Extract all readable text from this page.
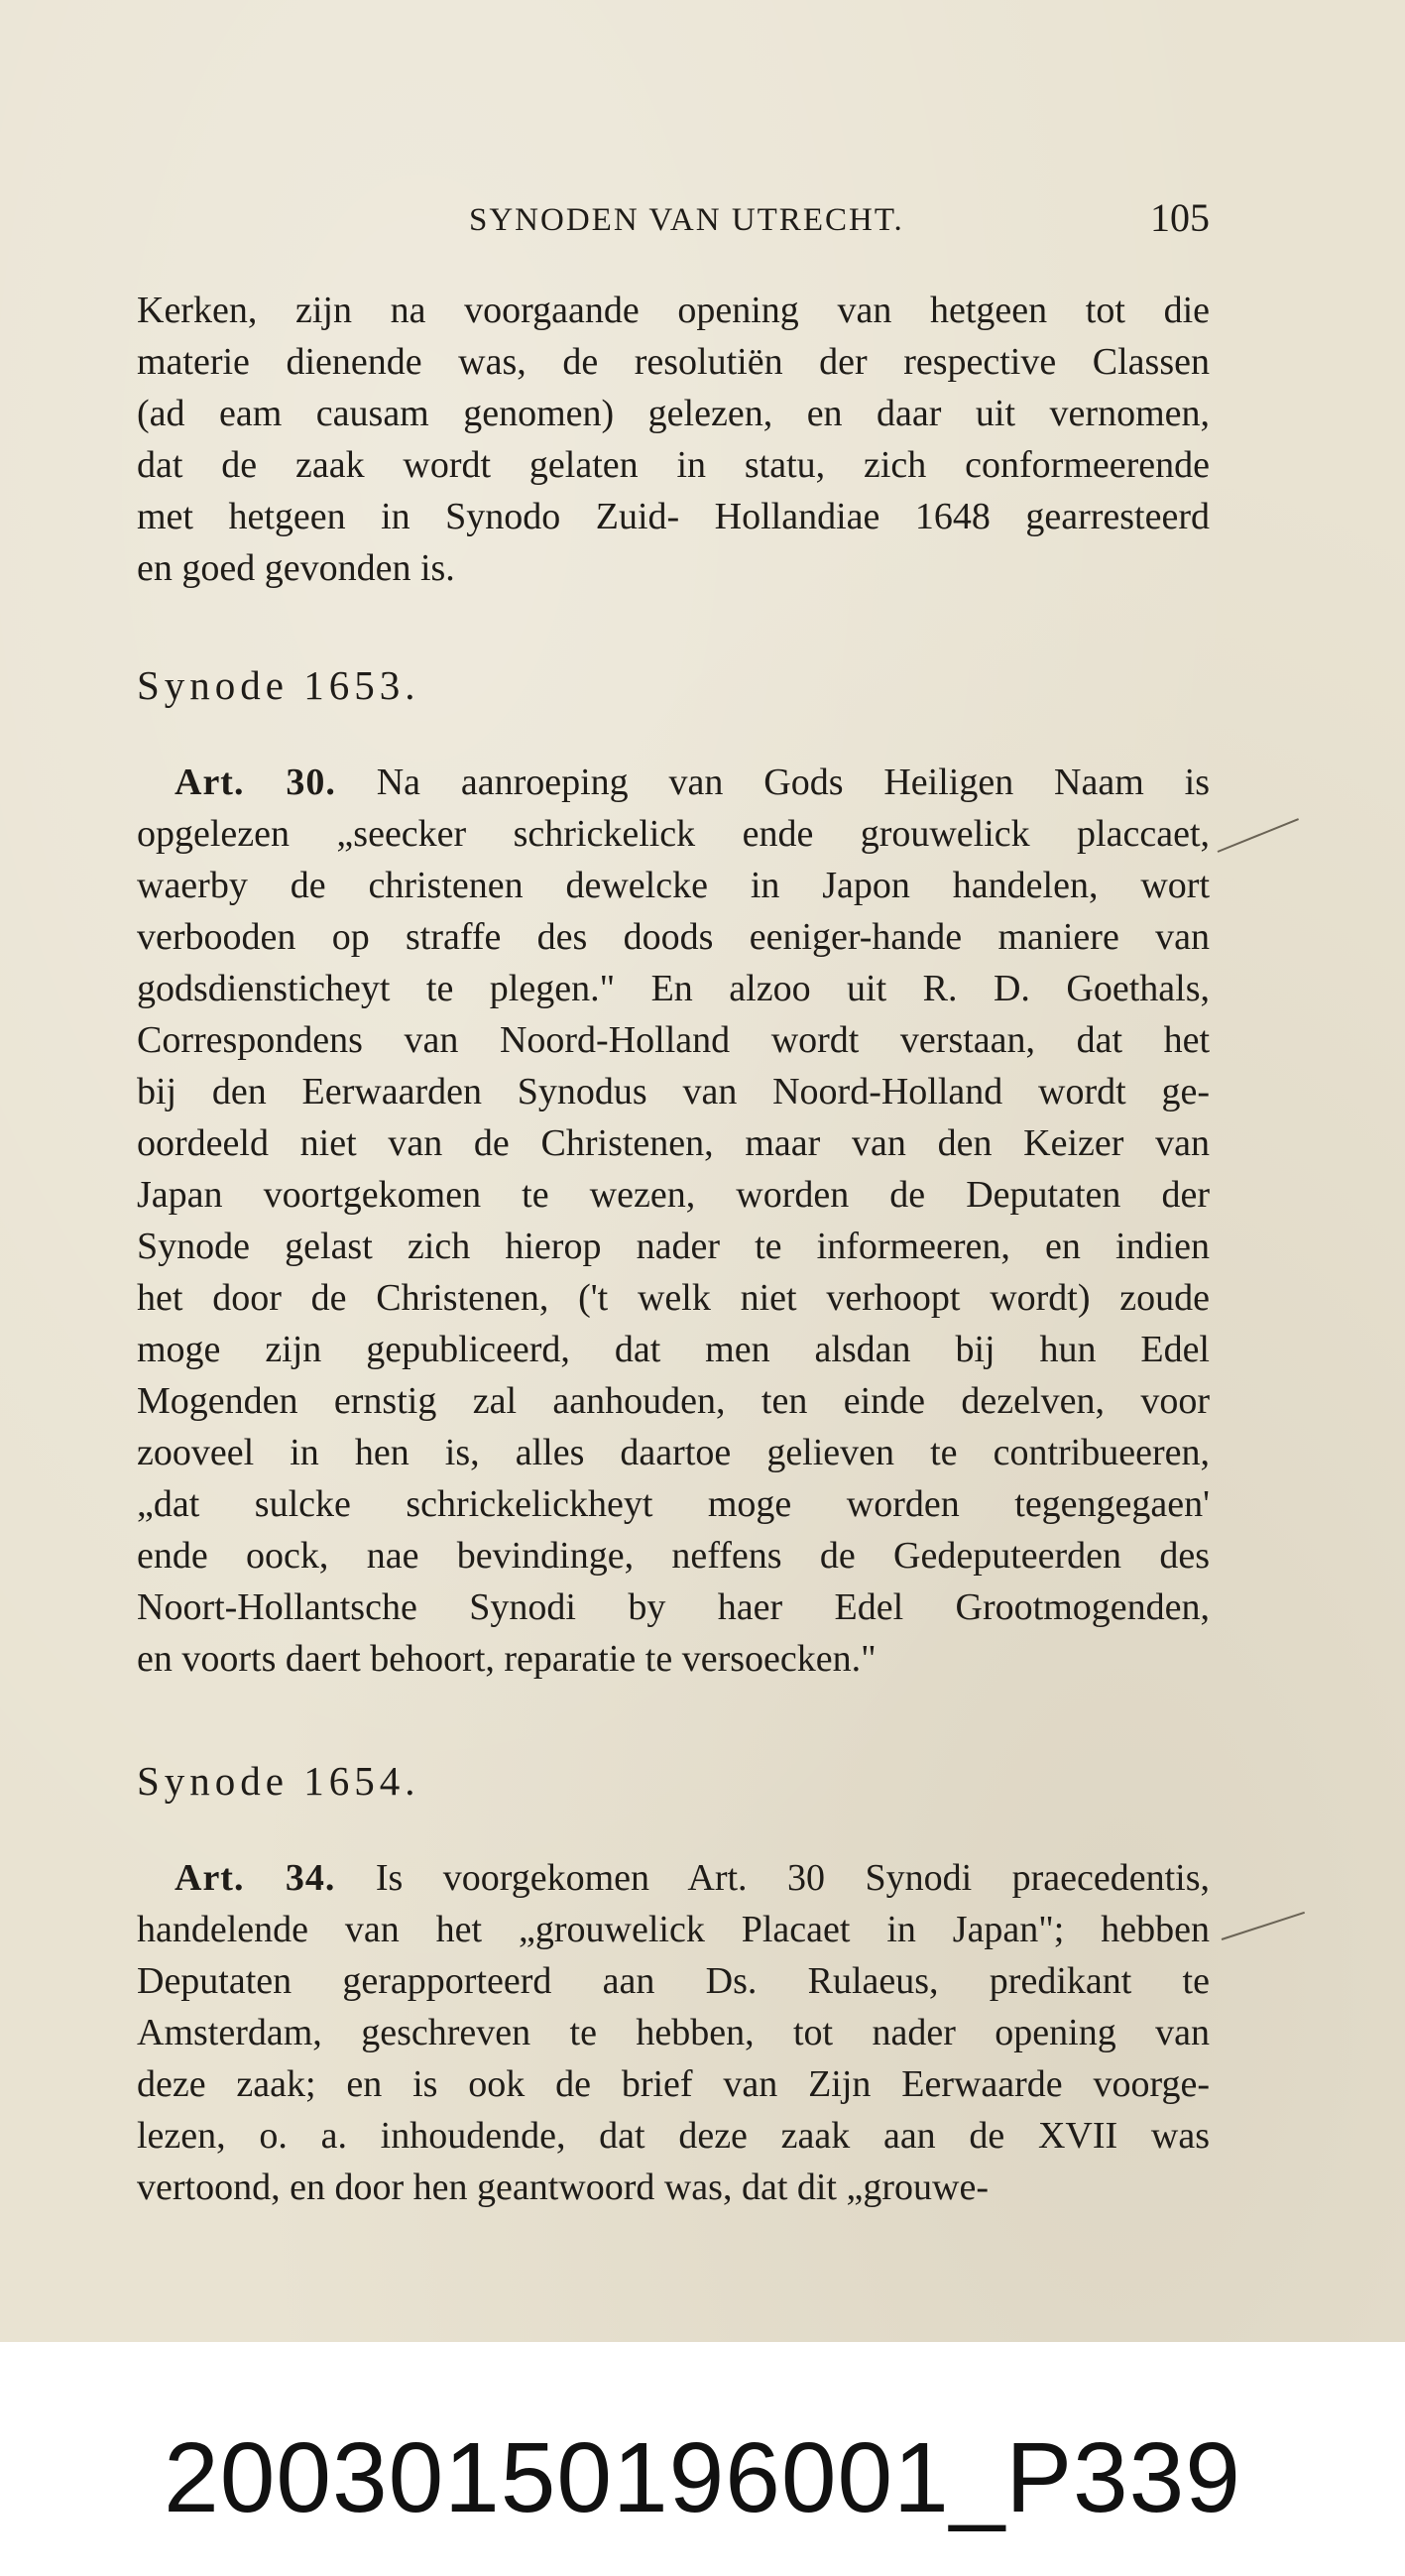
SYNODEN VAN UTRECHT.	105
Kerken, zijn na voorgaande opening van hetgeen tot die
materie dienende was, de resolutiën der respective Classen
(ad eam causam genomen) gelezen, en daar uit vernomen,
dat de zaak wordt gelaten in statu, zich conformeerende
met hetgeen in Synodo Zuid- Hollandiae 1648 gearresteerd
en goed gevonden is.
Synode 1653.
Art. 30. Na aanroeping van Gods Heiligen Naam is
opgelezen „seecker schrickelick ende grouwelick placcaet,
waerby de christenen dewelcke in Japon handelen, wort
verbooden op straffe des doods eeniger-hande maniere van
godsdiensticheyt te plegen." En alzoo uit R. D. Goethals,
Correspondens van Noord-Holland wordt verstaan, dat het
bij den Eerwaarden Synodus van Noord-Holland wordt ge-
oordeeld niet van de Christenen, maar van den Keizer van
Japan voortgekomen te wezen, worden de Deputaten der
Synode gelast zich hierop nader te informeeren, en indien
het door de Christenen, ('t welk niet verhoopt wordt) zoude
moge zijn gepubliceerd, dat men alsdan bij hun Edel
Mogenden ernstig zal aanhouden, ten einde dezelven, voor
zooveel in hen is, alles daartoe gelieven te contribueeren,
„dat sulcke schrickelickheyt moge worden tegengegaen'
ende oock, nae bevindinge, neffens de Gedeputeerden des
Noort-Hollantsche Synodi by haer Edel Grootmogenden,
en voorts daert behoort, reparatie te versoecken."
Synode 1654.
Art. 34. Is voorgekomen Art. 30 Synodi praecedentis,
handelende van het „grouwelick Placaet in Japan"; hebben
Deputaten gerapporteerd aan Ds. Rulaeus, predikant te
Amsterdam, geschreven te hebben, tot nader opening van
deze zaak; en is ook de brief van Zijn Eerwaarde voorge-
lezen, o. a. inhoudende, dat deze zaak aan de XVII was
vertoond, en door hen geantwoord was, dat dit „grouwe-
20030150196001_P339
